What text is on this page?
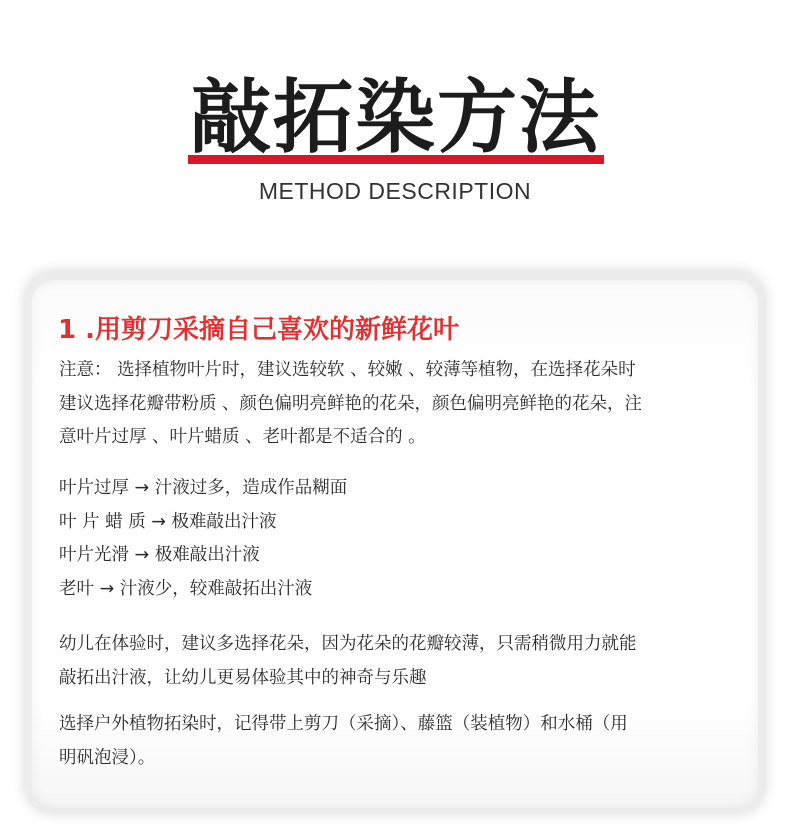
敲拓染方法
METHOD DESCRIPTION
1 .用剪刀采摘自己喜欢的新鲜花叶
注意： 选择植物叶片时，建议选较软 、较嫩 、较薄等植物，在选择花朵时
建议选择花瓣带粉质 、颜色偏明亮鲜艳的花朵，颜色偏明亮鲜艳的花朵，注
意叶片过厚 、叶片蜡质 、老叶都是不适合的 。
叶片过厚 → 汁液过多，造成作品糊面
叶 片 蜡 质 → 极难敲出汁液
叶片光滑 → 极难敲出汁液
老叶 → 汁液少，较难敲拓出汁液
幼儿在体验时，建议多选择花朵，因为花朵的花瓣较薄，只需稍微用力就能
敲拓出汁液，让幼儿更易体验其中的神奇与乐趣
选择户外植物拓染时，记得带上剪刀（采摘）、藤篮（装植物）和水桶（用
明矾泡浸）。
